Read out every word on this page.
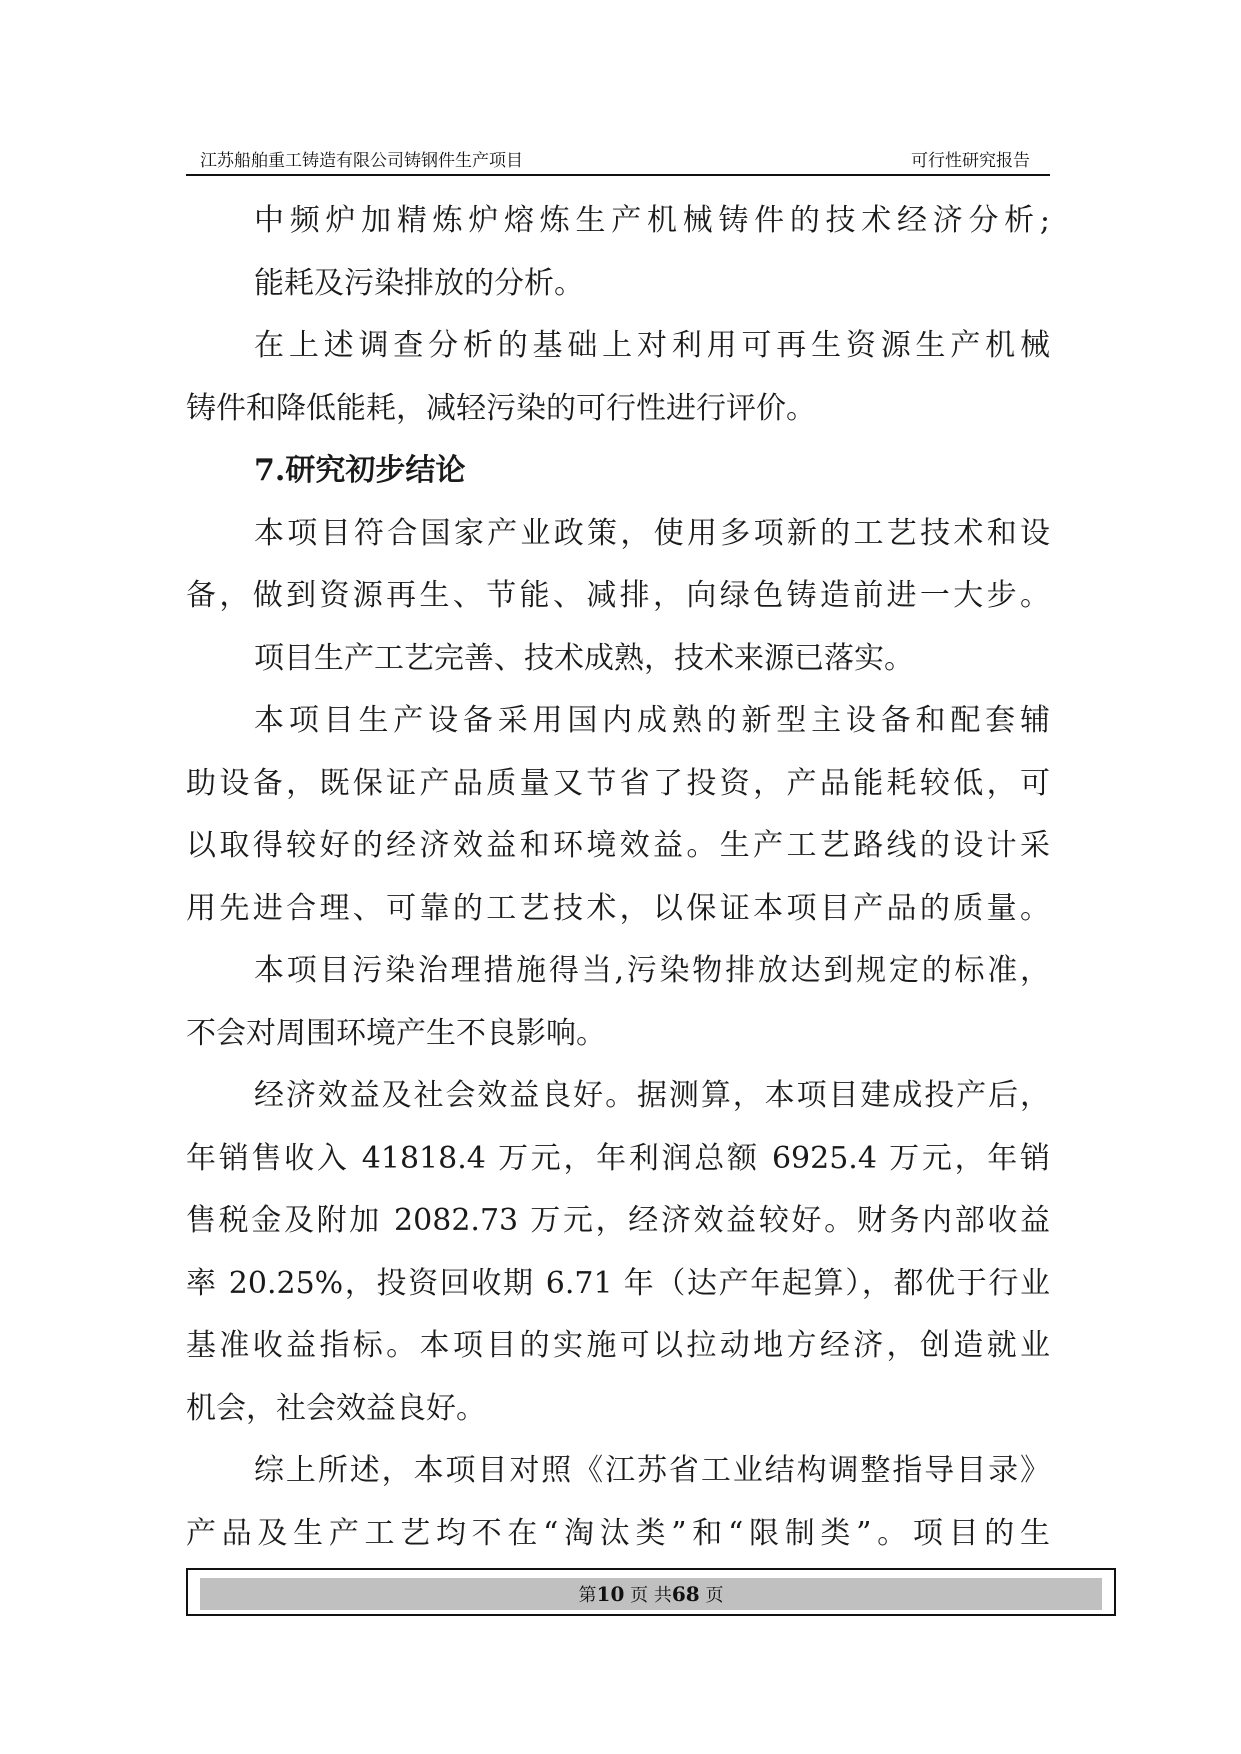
江苏船舶重工铸造有限公司铸钢件生产项目	可行性研究报告
中频炉加精炼炉熔炼生产机械铸件的技术经济分析;
能耗及污染排放的分析。
在上述调查分析的基础上对利用可再生资源生产机械
铸件和降低能耗，减轻污染的可行性进行评价。
7.研究初步结论
本项目符合国家产业政策，使用多项新的工艺技术和设
备，做到资源再生、节能、减排，向绿色铸造前进一大步。
项目生产工艺完善、技术成熟，技术来源已落实。
本项目生产设备采用国内成熟的新型主设备和配套辅
助设备，既保证产品质量又节省了投资，产品能耗较低，可
以取得较好的经济效益和环境效益。生产工艺路线的设计采
用先进合理、可靠的工艺技术，以保证本项目产品的质量。
本项目污染治理措施得当,污染物排放达到规定的标准，
不会对周围环境产生不良影响。
经济效益及社会效益良好。据测算，本项目建成投产后，
年销售收入 41818.4 万元，年利润总额 6925.4 万元，年销
售税金及附加 2082.73 万元，经济效益较好。财务内部收益
率 20.25%，投资回收期 6.71 年（达产年起算），都优于行业
基准收益指标。本项目的实施可以拉动地方经济，创造就业
机会，社会效益良好。
综上所述，本项目对照《江苏省工业结构调整指导目录》
产品及生产工艺均不在“淘汰类”和“限制类”。项目的生
第10 页 共68 页
